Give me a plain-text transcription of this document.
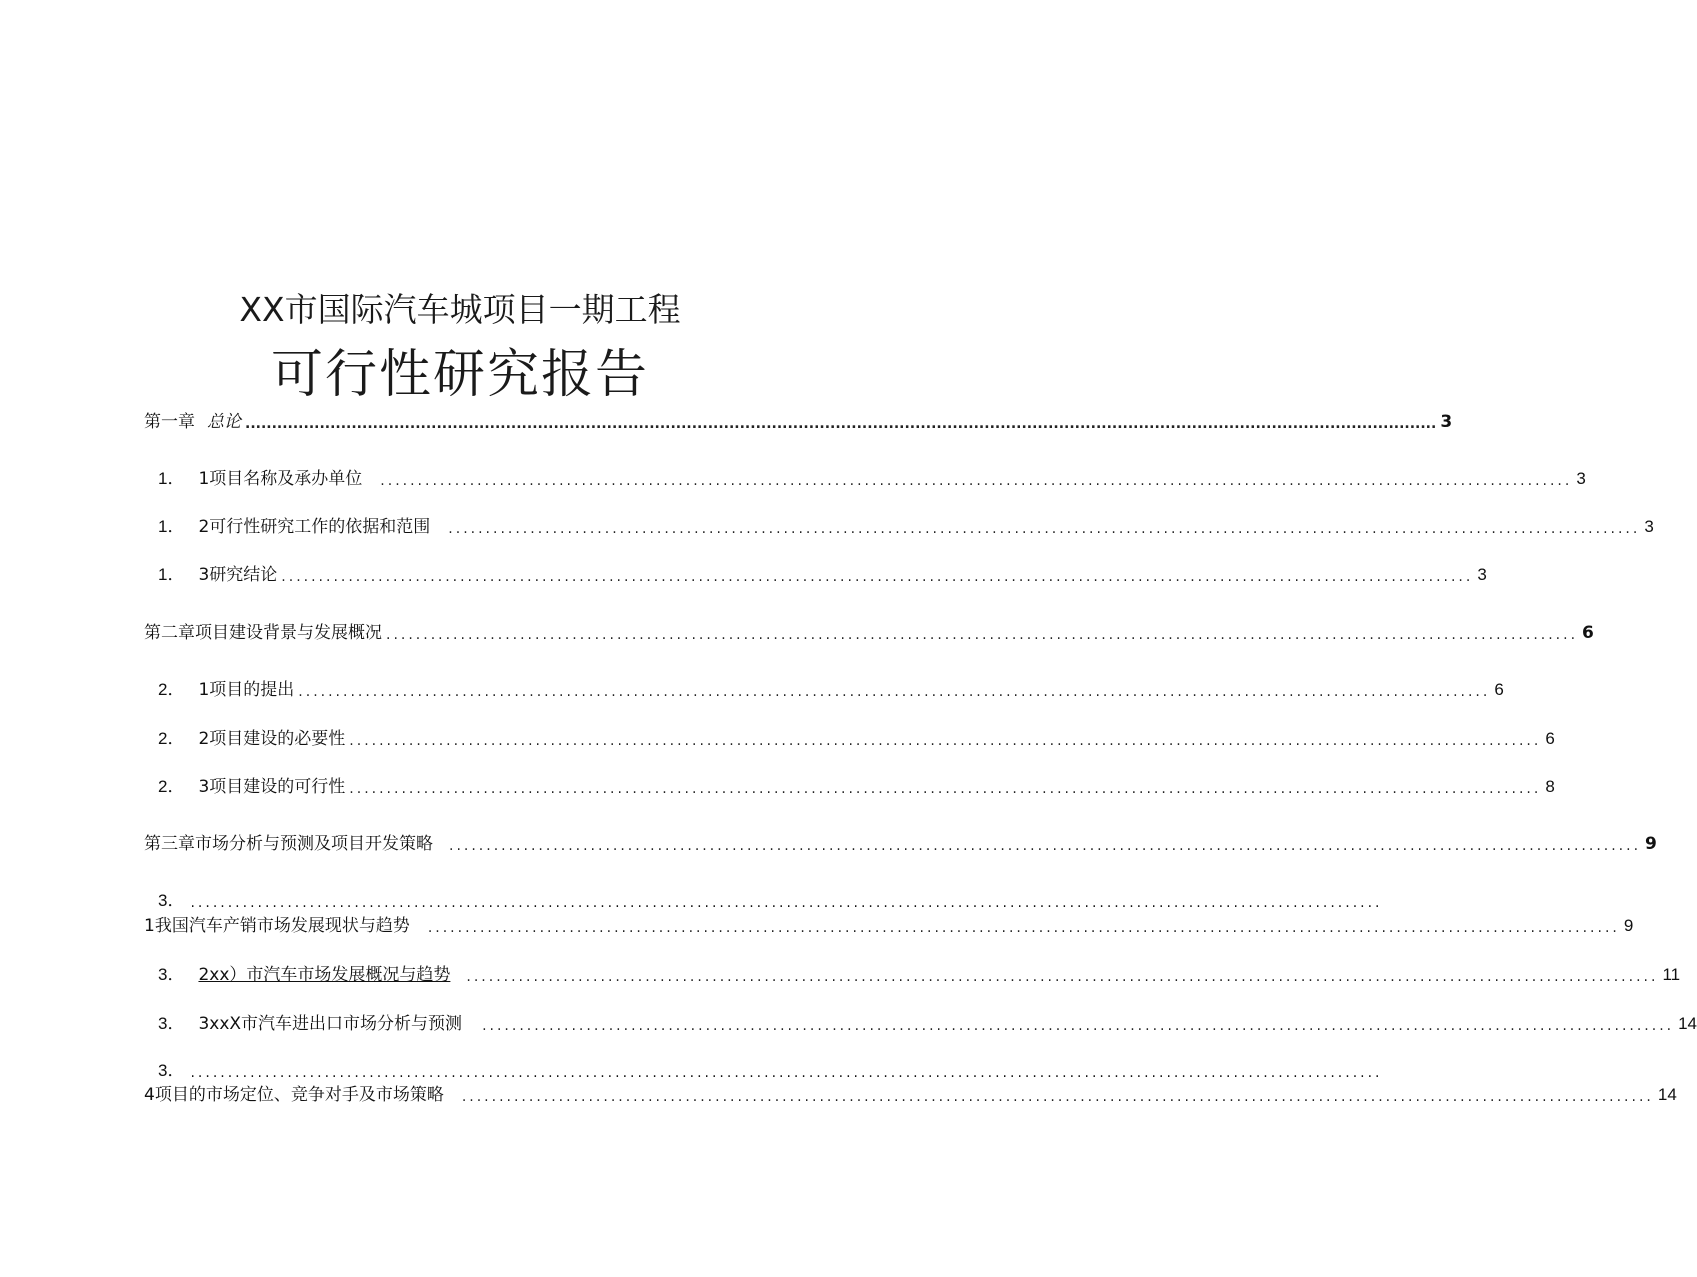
XX市国际汽车城项目一期工程
可行性研究报告
第一章 总论 ................................................................................................................................................................................................................................ 3
1． 1项目名称及承办单位 ................................................................................................................................................................ 3
1． 2可行性研究工作的依据和范围 ................................................................................................................................................................ 3
1． 3研究结论 ................................................................................................................................................................ 3
第二章项目建设背景与发展概况 ................................................................................................................................................................ 6
2． 1项目的提出 ................................................................................................................................................................ 6
2． 2项目建设的必要性 ................................................................................................................................................................ 6
2． 3项目建设的可行性 ................................................................................................................................................................ 8
第三章市场分析与预测及项目开发策略 ................................................................................................................................................................ 9
3． ................................................................................................................................................................
1我国汽车产销市场发展现状与趋势 ................................................................................................................................................................ 9
3． 2xx）市汽车市场发展概况与趋势 ................................................................................................................................................................ 11
3． 3xxX市汽车进出口市场分析与预测 ................................................................................................................................................................ 14
3． ................................................................................................................................................................
4项目的市场定位、竞争对手及市场策略 ................................................................................................................................................................ 14
